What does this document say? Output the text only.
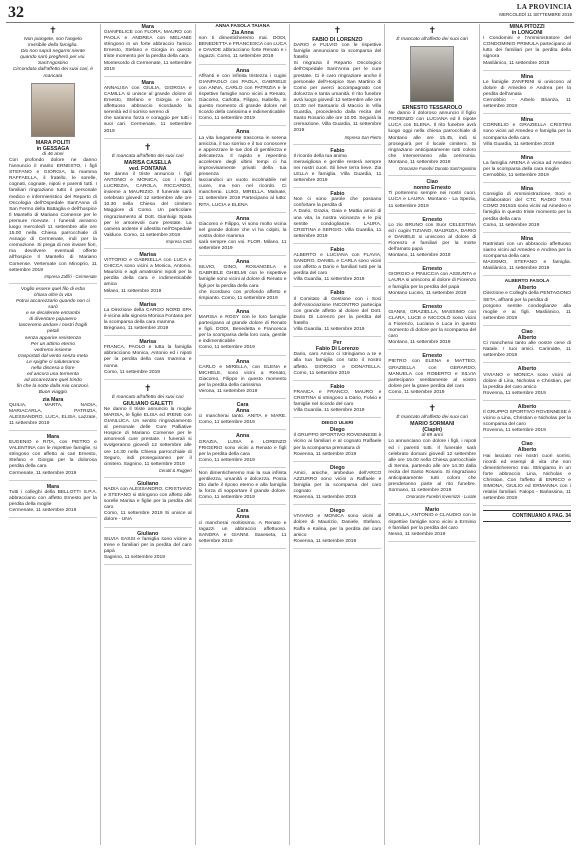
32	LA PROVINCIA
MERCOLEDÌ 11 SETTEMBRE 2019
✝
Non piangete, son l'angelo
invisibile della famiglia.
Dio non saprà negarmi niente
quando sarò pregherò per voi.
Sant'Agostino
Circondata dall'affetto dei suoi cari, è mancata
MARA POLITI
in GESSAGA
di 46 anni
Con profondo dolore ne danno l'annuncio il marito ERNESTO, i figli STEFANO e GIORGIA, la mamma RAFFAELLA, il fratello, le sorelle, cognati, cognate, nipoti e parenti tutti. I familiari ringraziano tutto il personale medico e infermieristico del Reparto di Oncologia dell'Ospedale Sant'Anna di San Fermo della Battaglia e dell'hospice Il Mantello di Mariano Comense per le premure ricevute. I funerali avranno luogo mercoledì 11 settembre alle ore 15.00 nella Chiesa parrocchiale di Asnago di Cermenate, indi per la cremazione. Si prega di non inviare fiori, ma devolvere eventuali offerte all'hospice Il Mantello di Mariano Comense. Vertemate con Minoprio, 11 settembre 2019
Impresa Zaffiri - Cermenate
Voglio essere quel filo di erba
chiara oltre la vita
Potrai accarezzarlo quando non ci
sarò
e se deciderete entrambi
di diventare papavero
lasceremo andare i nostri fragili
petali
senza apparire resistenza
Per un attimo eterno
vedremo insieme
trasportati dal vento senza meta
Le spighe ci saluteranno
nella discesa a fiore
ed ancora una termenta
ad accarezzare quel trindo
fin che la notte dalla mia canzoni.
Buon viaggio
zia Mara
QUILIA, MARTA, NADIA, MARIACARLA, PATRIZIA, ALESSANDRO, LUCA, ELISA. Lazzate, 11 settembre 2019
Mara
EUGENIO e RITA, con PIETRO e VALENTINA con le rispettive famiglie, si stringono con affetto ai cari Ernesto, Stefano e Giorgia per la dolorosa perdita della cara
Cermenate, 11 settembre 2019
Mara
Tutti i colleghi della BELLOTTI S.P.A. abbracciano con affetto Ernesto per la perdita della moglie
Cermenate, 11 settembre 2019
Mara
GIANFELICE con FLORA, MAURO con PAOLA e ANDREA con MELANIE stringono in un forte abbraccio l'amico Ernesto, Stefano e Giorgia in questo triste momento per la perdita della cara
Montesordo di Cermenate, 11 settembre 2019
Mara
ANNALISA con GIULIA, GIORGIA e CAMILLA si unisce al grande dolore di Ernesto, Stefano e Giorgia e con affettuoso abbraccio ricordando la serenità ed il sorriso sereno di
che saranno forza e coraggio per tutti i suoi cari. Cermenate, 11 settembre 2019
✝
È mancata all'affetto dei suoi cari
MARISA CASELLA
ved. FONTANA
Ne danno il triste annuncio i figli ANTONIO e MONICA, con i nipoti LUCREZIA, CAROLA, RICCARDO, insieme a MAURIZIO. Il funerale sarà celebrato giovedì 12 settembre alle ore 10.30 nella Chiesa del cimitero Maggiore di Como. Un particolare ringraziamento al Dott. Gianluigi Spata per le amorevoli cure prestate. La camera ardente è allestita nell'Ospedale Valduce. Como, 11 settembre 2019
Impresa Cetti
Marisa
VITTORIO e GABRIELLA con LUCA e CHICCA sono vicini a Monica, Antonio, Maurizio e agli amatissimi nipoti per la perdita della cara e indimenticabile amica
Milano, 11 settembre 2019
Marisa
La Direzione della CARGO NORD SPA è vicina alla signora Monica Fontana per la scomparsa della cara mamma
Bregnano, 11 settembre 2019
Marisa
FRANCA, PAOLO e tutta la famiglia abbracciano Monica, Antonio ed i nipoti per la perdita della cara mamma e nonna
Como, 11 settembre 2019
✝
È mancato all'affetto dei suoi cari
GIULIANO GALETTI
Ne danno il triste annuncio la moglie MARISA, le figlie ELISA ed IRENE con GIANLUCA. Un sentito ringraziamento al personale delle Cure Palliative Hospice di Mariano Comense per le amorevoli cure prestate. I funerali si svolgeranno giovedì 12 settembre alle ore 14.30 nella Chiesa parrocchiale di Seguro, indi proseguiranno per il cimitero. Sagnino, 11 settembre 2019
Cerutti & Ruggeri
Giuliano
NADIA con ALESSANDRO, CRISTIANO e STEFANO si stringono con affetto alle sorelle Marisa e figlie per la perdita del caro
Como, 11 settembre 2019 Si unisce al dolore - UNA
Giuliano
SILVIA SASSI e famiglia sono vicine a Irene e familiari per la perdita del caro papà
Sagnino, 11 settembre 2019
ANNA FASOLA TAIANA
Zia Anna
non ti dimenticheremo mai. DODI, BENEDETTA e FRANCESCA con LUCA e DAVIDE abbracciano forte Renato e i ragazzi. Como, 11 settembre 2019
Anna
Affranti e con infinita tristezza i cugini GIANPAOLO con PAOLA, GABRIELE con ANNA, CARLO con PATRIZIA e le rispettive famiglie sono vicini a Renato, Giacomo, Carlotta, Filippo, Isabella, in questo momento di grande dolore nel ricordo della carissima e indimenticabile
Como, 11 settembre 2019
Anna
La vita lungamente trascorsa in serena amicizia, il tuo sorriso e il tuo conoscere e apprezzare le tue doti di gentilezza e delicatezza. Il rapido e repentino accelerare degli ultimi tempi ci ha improvvisamente privati della tua presenza
lasciandoci un vuoto incolmabile nel cuore, ma non nel ricordo. Ci mancherai. LUIGI, MIRELLA. Malnate, 11 settembre 2019 Partecipano al lutto: RITA, LUCIA e ELENA
Anna
Giacomo e Filippo, vi sono molto vicina nel grande dolore che vi ha colpiti, la vostra dolce mamma
sarà sempre con voi. FLOR. Milano, 11 settembre 2019
Anna
SILVIO, GINO, ROSANGELA e GABRIELE GHIELMI con le rispettive famiglie sono vicini al dolore di Renato e figli per la perdita della cara
che ricordano con profondo affetto e rimpianto. Como, 11 settembre 2019
Anna
MARISA e ROSY con le loro famiglie partecipano al grande dolore di Renato e figli. DODI, Benedetta e Francesca per la scomparsa della loro cara, gentile e indimenticabile
Como, 11 settembre 2019
Anna
CARLO e MIRELLA, con ELENA e MICHELE, sono vicini a Renato, Giacomo, Filippo in questo momento per la perdita della carissima
Verona, 11 settembre 2019
Cara
Anna
ci mancherai tanto. ANITA e MARE. Como, 11 settembre 2019
Anna
GRAZIA, LUISA e LORENZO FRIGERIO sono vicini a Renato e figli per la perdita della cara
Como, 11 settembre 2019
Non dimenticheremo mai la sua infinita gentilezza, umanità e dolcezza. Possa Dio darle il riposo eterno e alla famiglia la forza di sopportare il grande dolore. Como, 11 settembre 2019
Cara
Anna
ci mancherai moltissimo. A Renato e ragazzi un abbraccio affettuoso. SANDRA e GIANNI. Saseseta, 11 settembre 2019
✝
FABIO DI LORENZO
DARIO e FULVIO con le rispettive famiglie annunciano la scomparsa del fratello
Si ringrazia il Reparto Oncologico dell'Ospedale Sant'Anna per le cure prestate. Ci è caro ringraziare anche il personale dell'Hospice San Martino di Como per averci accompagnato con dolcezza e tanta umanità. Il rito funebre avrà luogo giovedì 12 settembre alle ore 10.30 nel Santuario di Maccio in Villa Guardia, procedendo dalla recita del Santo Rosario alle ore 10.00. Seguirà la cremazione. Villa Guardia, 11 settembre 2019
Impresa San Pietro
Fabio
Il ricordo della tua anima
meravigliosa e gentile resterà sempre nei nostri cuori. Sii lieve terra lieve. Zia LELLA e famiglia. Villa Guardia, 11 settembre 2019
Fabio
Non ci sono parole che possano confortare la perdita di
A Dario, Grazia, Gaia e Mattia amici di una vita, la nostra vicinanza e le più sentite condoglianze. LAURA, CRISTINA e SERGIO. Villa Guardia, 11 settembre 2019
Fabio
ALBERTO e LUCIANA con FLAVIA, SANDRO, DANIEL e CARLA sono vicini con affetto a Dario e familiari tutti per la perdita del caro
Villa Guardia, 11 settembre 2019
Fabio
Il Comitato di Gestione con i Soci dell'Associazione INCONTRO partecipa con grande affetto al dolore del Dott. Dario Di Lorenzo per la perdita del fratello
Villa Guardia, 11 settembre 2019
Per
Fabio Di Lorenzo
Dario, caro Amico ci stringiamo a te e alla tua famiglia con tutto il nostro affetto. GIORGIO e DONATELLA. Como, 11 settembre 2019
Fabio
FRANCA e FRANCO, MAURO e CRISTINA si stringono a Dario, Fulvio e famiglie nel ricordo del caro
Villa Guardia, 11 settembre 2019
DIEGO ULERI
Diego
Il GRUPPO SPORTIVO ROVENNESE è vicino ai familiari e al cognato Raffaele per la scomparsa prematura di
Rovenna, 11 settembre 2019
Diego
Amici, amiche, ambedue dell'ARCO AZZURRO sono vicini a Raffaele e famiglia per la scomparsa del caro cognato
Rovenna, 11 settembre 2019
Diego
VIVIANO e MONICA sono vicini al dolore di Maurizio, Daniele, Stefano, Raffa e Kalina, per la perdita del caro amico
Rovenna, 11 settembre 2019
✝
È mancato all'affetto dei suoi cari
ERNESTO TESSAROLO
Ne danno il doloroso annuncio il figlio FIORENZO con LUCIANA ed il nipote LUCA con ELENA. Il rito funebre avrà luogo oggi nella chiesa parrocchiale di Montano alle ore 15.45, indi si proseguirà per il locale cimitero. Si ringraziano anticipatamente tutti coloro che interverranno alla cerimonia. Montano, 11 settembre 2019
Onoranze Funebri Donato Sant'Agostino
Ciao
nonno Ernesto
Ti porteremo sempre nei nostri cuori. LUCA e LAURA. Montano - La Spezia, 11 settembre 2019
Ernesto
Lo zio BRUNO con Suor CELESTINA ed i cugini TIZIANO, MAURIZIA, DARIO e DANIELE si uniscono al dolore di Fiorenzo e familiari per la morte dell'amato papà
Montano, 11 settembre 2019
Ernesto
GIORGIO e PINUCCIA con ASSUNTA e LAURA si uniscono al dolore di Fiorenzo e famiglia per la perdita del papà
Montano Lucino, 11 settembre 2019
Ernesto
GIANNI, GRAZIELLA, MASSIMO con CLARA, LUCE e NICCOLÒ sono vicini a Fiorenzo, Luciana e Luca in questo momento di dolore per la scomparsa del caro
Montano, 11 settembre 2019
Ernesto
PIETRO con ELENA e MATTEO, GRAZIELLA con GERARDO, MANUELA con ROBERTO e SILVIA partecipano sentitamente al vostro dolore per la grave perdita del caro
Como, 11 settembre 2019
✝
È mancato all'affetto dei suoi cari
MARIO SORMANI
(Ciapin)
di 89 anni
Lo annunciano con dolore i figli, i nipoti ed i parenti tutti. Il funerale sarà celebrato domani giovedì 12 settembre alle ore 15.00 nella Chiesa parrocchiale di Senna, partendo alle ore 14.30 dalla recita del Santo Rosario. Si ringraziano anticipatamente tutti coloro che prenderanno parte al rito funebre. Sormano, 11 settembre 2019
Onoranze Funebri Invernizzi - Lurate
Mario
DINELLA, ANTONIO e CLAUDIO con le rispettive famiglie sono vicini a Erminio e familiari per la perdita del caro
Nesso, 11 settembre 2019
MINA PITOZZI
in LONGONI
I Condomini e l'Amministratore del CONDOMINIO PRIMULA partecipano al lutto dei familiari per la perdita della signora
Masliànico, 11 settembre 2019
Mina
Le famiglie ZANFRINI si uniscono al dolore di Amedeo e Andrea per la perdita dell'amata
Cernobbio - Arbelo Brianza, 11 settembre 2019
Mina
CORNELIO e GRAZIELLA CRISTINI sono vicini ad Amedeo e famiglia per la scomparsa della cara
Villa Guardia, 11 settembre 2019
Mina
La famiglia ARENA è vicina ad Amedeo per la scomparsa della cara moglie
Cernobbio, 11 settembre 2019
Mina
Consiglio di Amministrazione, Soci e Collaboratori del CTC RADIO TAXI COMO 261515 sono vicini ad Amedeo e famiglia in questo triste momento per la perdita della cara
Como, 11 settembre 2019
Mina
Rattristati con un abbraccio affettuoso siamo vicini ad Amedeo e Andrea per la scomparsa della cara
MASSIMO, STEFANO e famiglia. Masliànico, 11 settembre 2019
ALBERTO FASOLA
Alberto
Direzione e Colleghi della PENTAGONO SETA, affranti per la perdita di
porgono sentite condoglianze alla moglie e ai figli. Masliànico, 11 settembre 2019
Ciao
Alberto
Ci mancherai tanto alle nostre cene di Natale. I tuoi amici. Carimatte, 11 settembre 2019
Alberto
VIVIANO e MONICA sono vicini al dolore di Lina, Nicholas e Christian, per la perdita del caro amico
Rovenna, 11 settembre 2019
Alberto
Il GRUPPO SPORTIVO ROVENNESE è vicino a Lina, Christian e Nicholas per la scomparsa del caro
Rovenna, 11 settembre 2019
Ciao
Alberto
Hai lasciato nei nostri cuori sorrisi, ricordi ed esempi di vita che non dimenticheremo mai. Stringiamo in un forte abbraccio Lina, Nicholas e Christian. Con l'affetto di ENRICO e SIMONA, GIULIO ed ERMANNA con i relativi familiari. Falopo - Barlassina, 11 settembre 2019
CONTINUANO A PAG. 34
